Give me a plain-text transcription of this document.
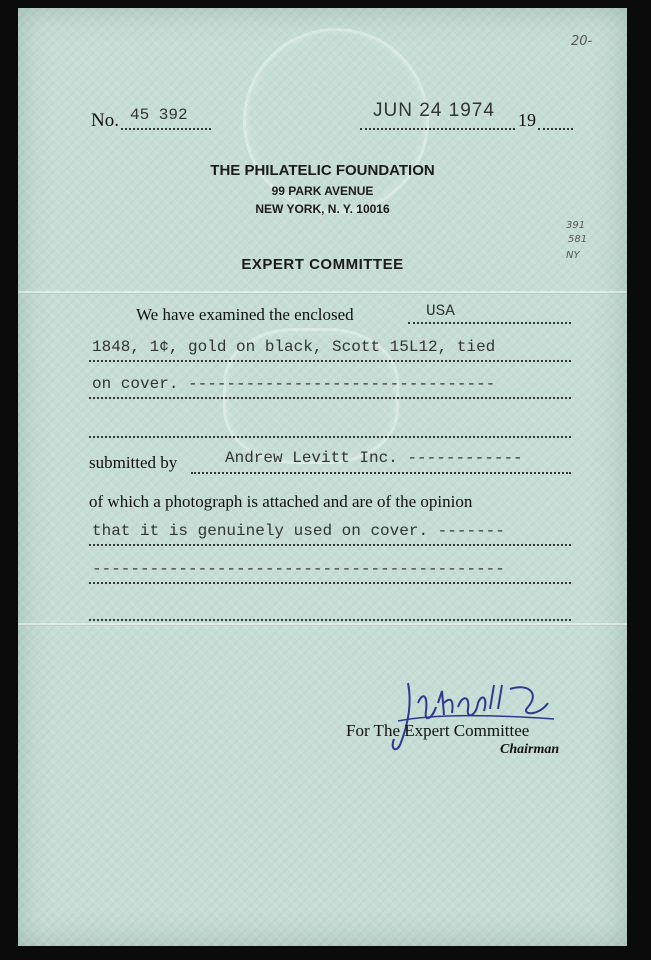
20-
391
581
NY
No. 45 392	JUN 24 1974 19
THE PHILATELIC FOUNDATION
99 PARK AVENUE
NEW YORK, N. Y. 10016
EXPERT COMMITTEE
We have examined the enclosed	USA
1848, 1¢, gold on black, Scott 15L12, tied
on cover. --------------------------------
submitted by	Andrew Levitt Inc. ------------
of which a photograph is attached and are of the opinion
that it is genuinely used on cover. -------
-------------------------------------------
For The Expert Committee
Chairman
